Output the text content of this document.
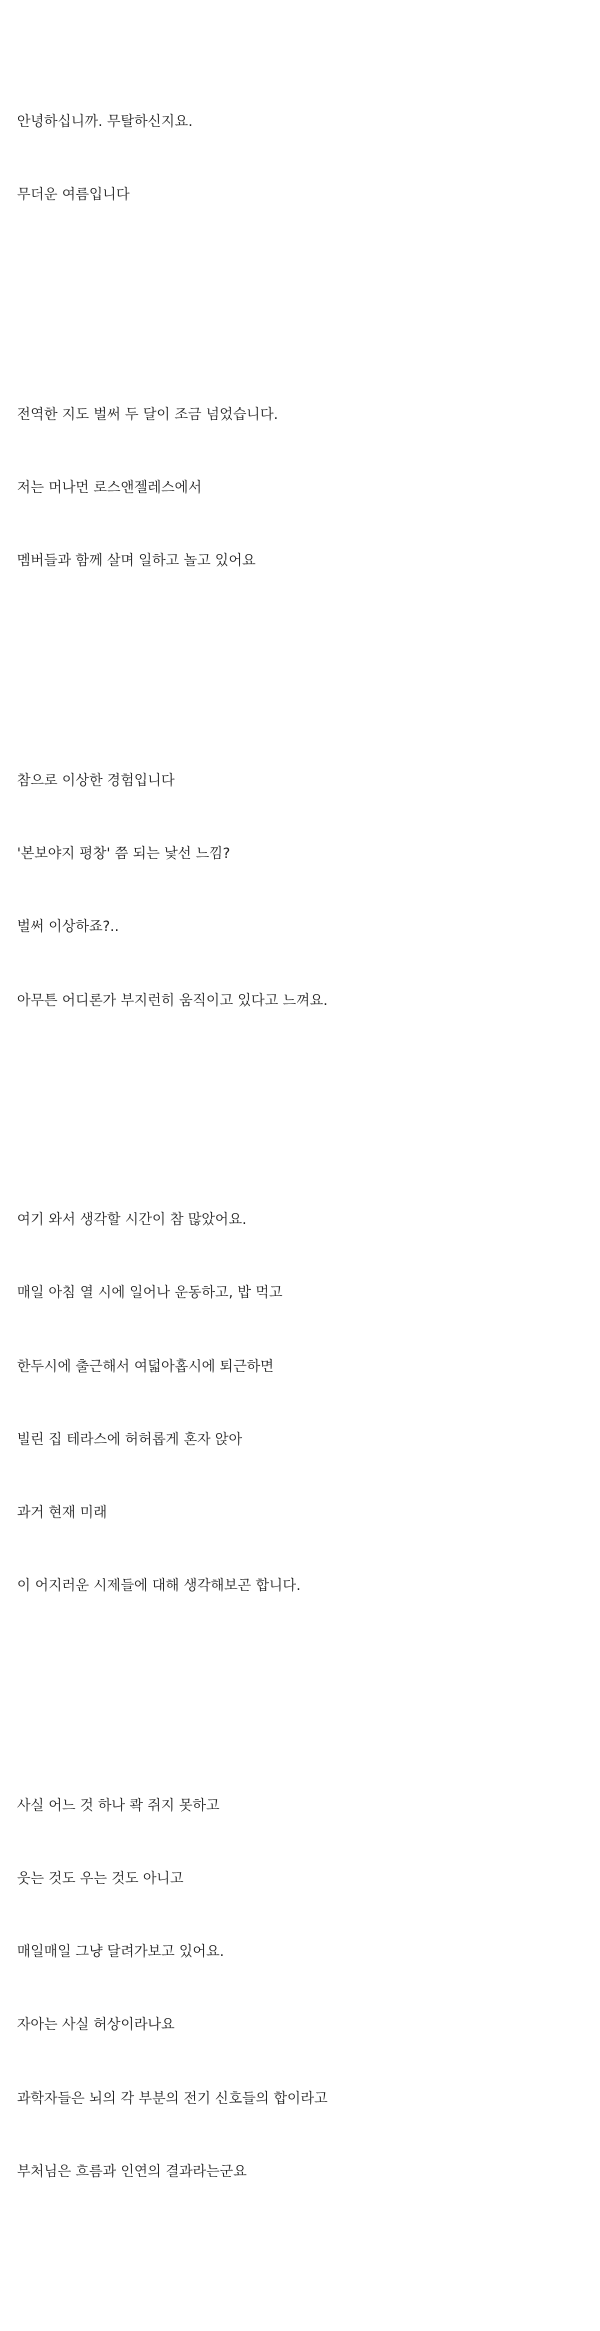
안녕하십니까. 무탈하신지요.

무더운 여름입니다

전역한 지도 벌써 두 달이 조금 넘었습니다.

저는 머나먼 로스앤젤레스에서

멤버들과 함께 살며 일하고 놀고 있어요

참으로 이상한 경험입니다

'본보야지 평창' 쯤 되는 낯선 느낌?

벌써 이상하죠?..

아무튼 어디론가 부지런히 움직이고 있다고 느껴요.

여기 와서 생각할 시간이 참 많았어요.

매일 아침 열 시에 일어나 운동하고, 밥 먹고

한두시에 출근해서 여덟아홉시에 퇴근하면

빌린 집 테라스에 허허롭게 혼자 앉아

과거 현재 미래

이 어지러운 시제들에 대해 생각해보곤 합니다.

사실 어느 것 하나 콱 쥐지 못하고

웃는 것도 우는 것도 아니고

매일매일 그냥 달려가보고 있어요.

자아는 사실 허상이라나요

과학자들은 뇌의 각 부분의 전기 신호들의 합이라고

부처님은 흐름과 인연의 결과라는군요
